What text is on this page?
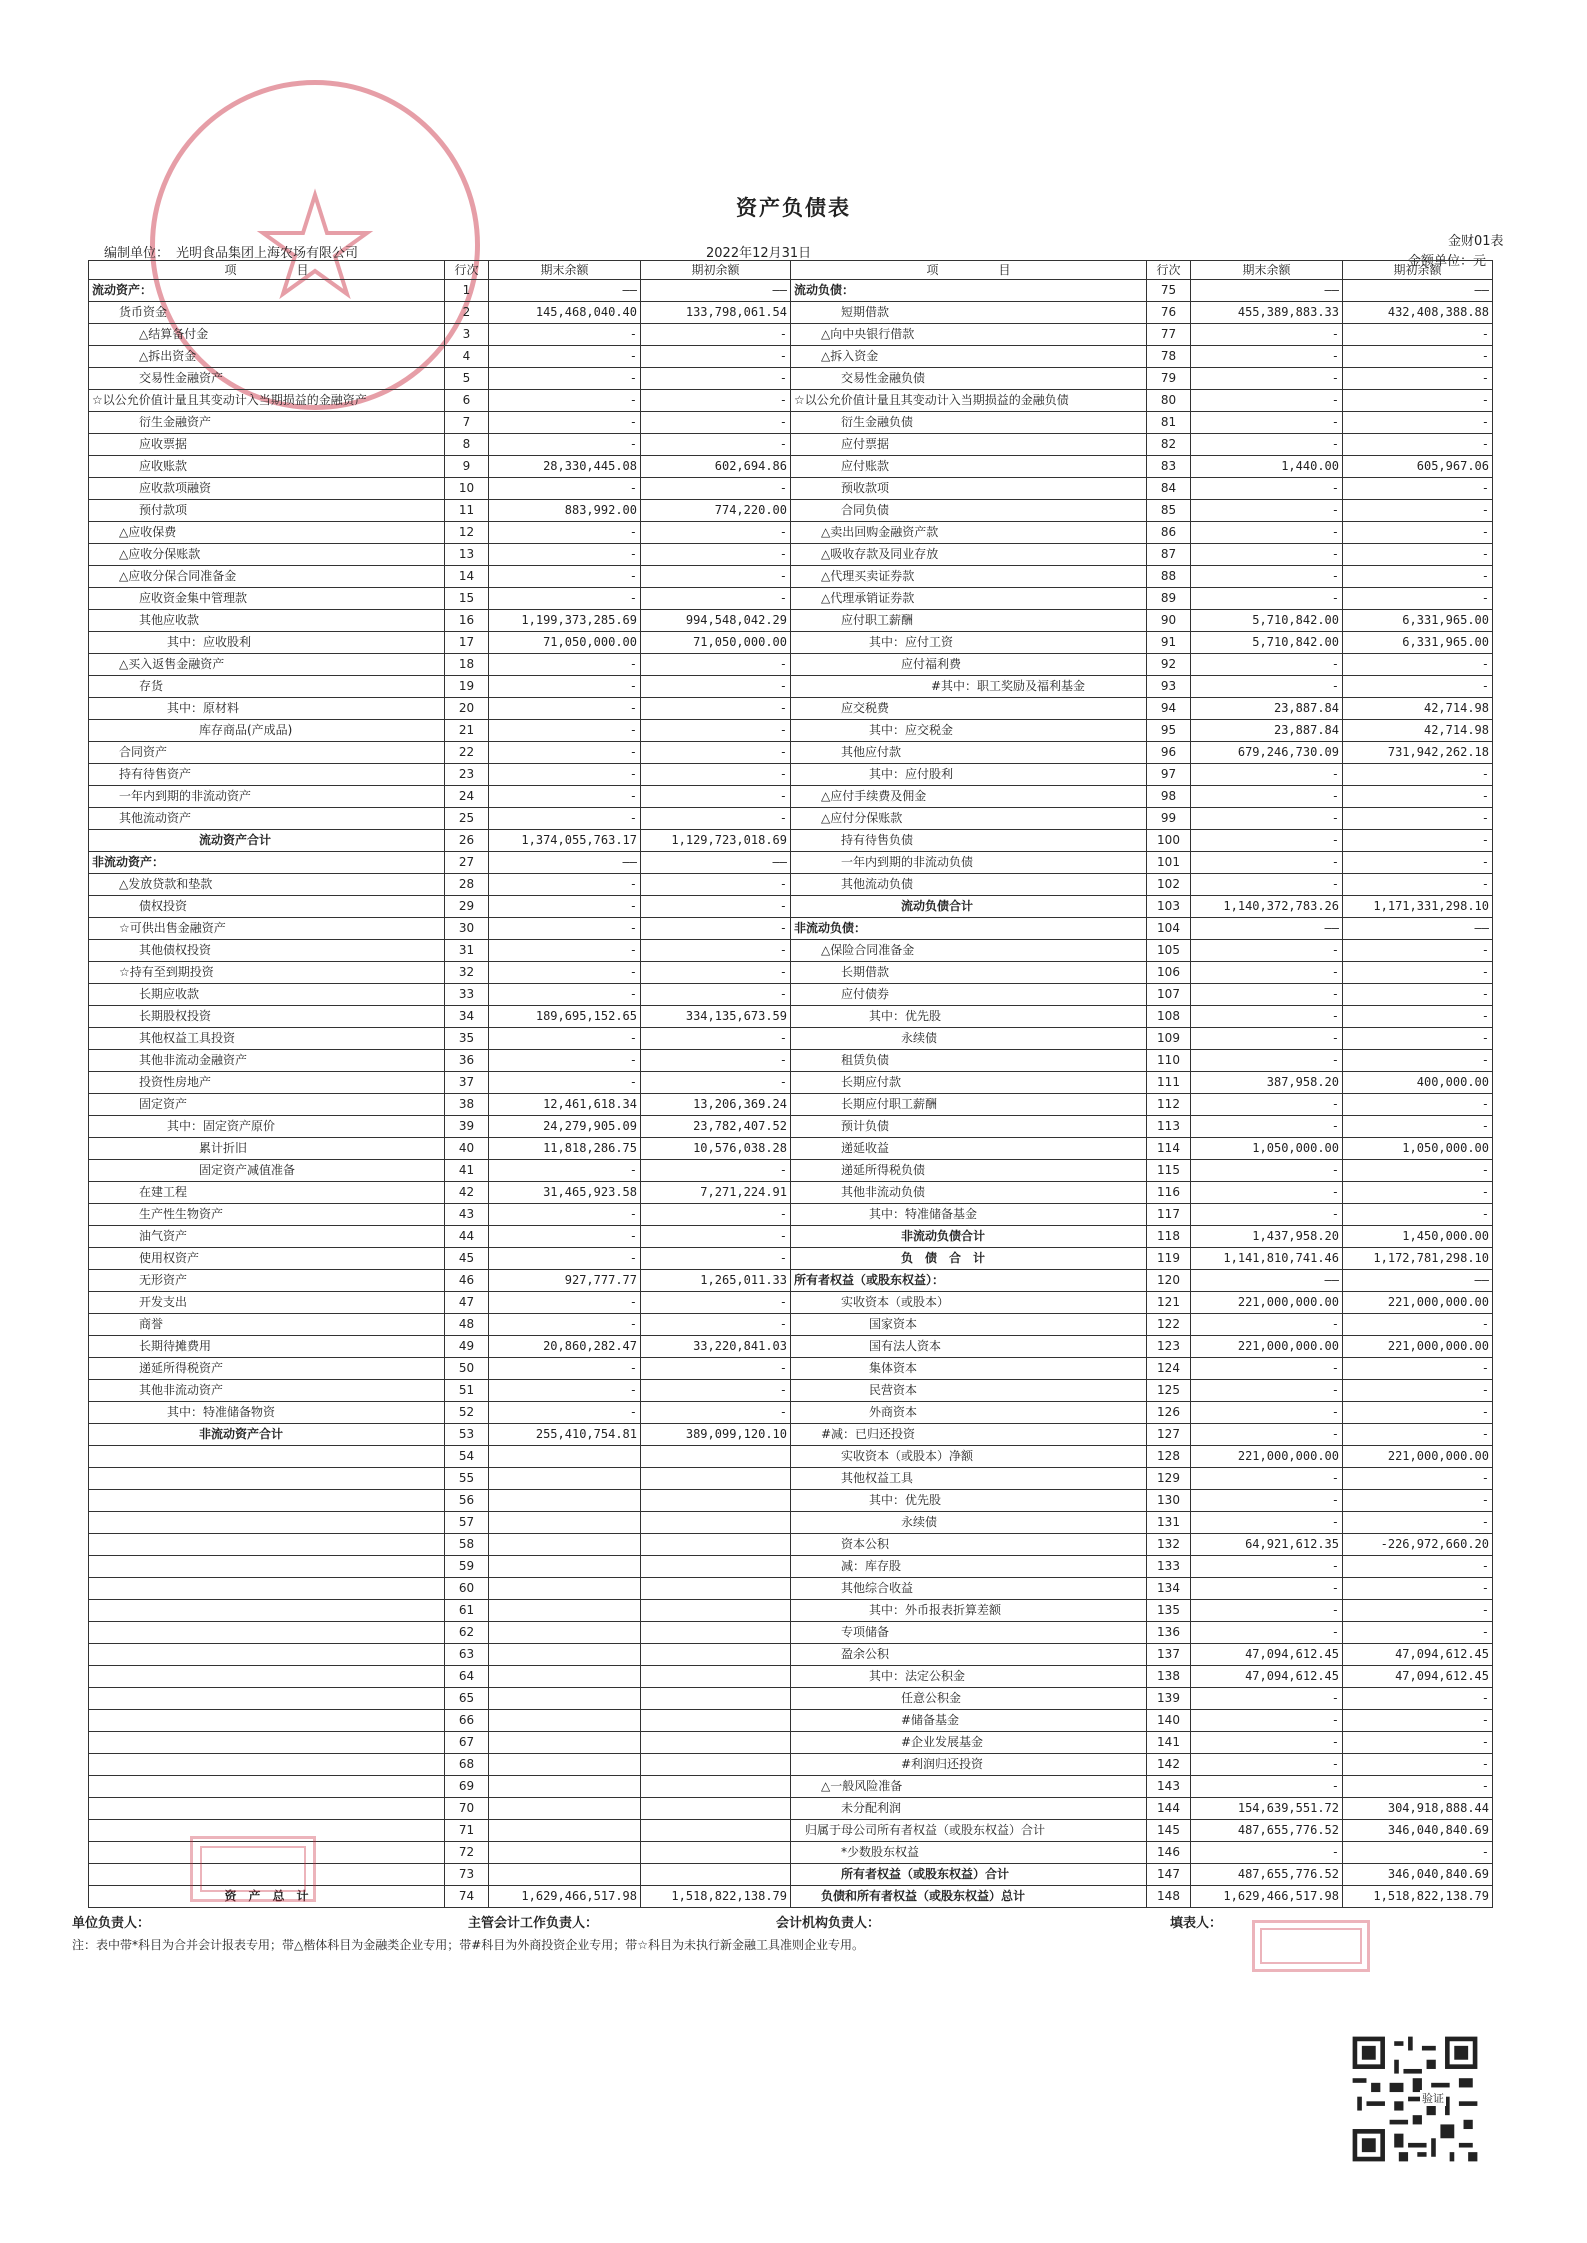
资产负债表
金财01表
编制单位： 光明食品集团上海农场有限公司	2022年12月31日
金额单位：元
项　　　　　目	行次	期末余额	期初余额	项　　　　　目	行次	期末余额	期初余额
流动资产：	1	——	——	流动负债：	75	——	——
货币资金	2	145,468,040.40	133,798,061.54	短期借款	76	455,389,883.33	432,408,388.88
△结算备付金	3	-	-	△向中央银行借款	77	-	-
△拆出资金	4	-	-	△拆入资金	78	-	-
交易性金融资产	5	-	-	交易性金融负债	79	-	-
☆以公允价值计量且其变动计入当期损益的金融资产	6	-	-	☆以公允价值计量且其变动计入当期损益的金融负债	80	-	-
衍生金融资产	7	-	-	衍生金融负债	81	-	-
应收票据	8	-	-	应付票据	82	-	-
应收账款	9	28,330,445.08	602,694.86	应付账款	83	1,440.00	605,967.06
应收款项融资	10	-	-	预收款项	84	-	-
预付款项	11	883,992.00	774,220.00	合同负债	85	-	-
△应收保费	12	-	-	△卖出回购金融资产款	86	-	-
△应收分保账款	13	-	-	△吸收存款及同业存放	87	-	-
△应收分保合同准备金	14	-	-	△代理买卖证券款	88	-	-
应收资金集中管理款	15	-	-	△代理承销证券款	89	-	-
其他应收款	16	1,199,373,285.69	994,548,042.29	应付职工薪酬	90	5,710,842.00	6,331,965.00
其中：应收股利	17	71,050,000.00	71,050,000.00	其中：应付工资	91	5,710,842.00	6,331,965.00
△买入返售金融资产	18	-	-	应付福利费	92	-	-
存货	19	-	-	#其中：职工奖励及福利基金	93	-	-
其中：原材料	20	-	-	应交税费	94	23,887.84	42,714.98
库存商品(产成品)	21	-	-	其中：应交税金	95	23,887.84	42,714.98
合同资产	22	-	-	其他应付款	96	679,246,730.09	731,942,262.18
持有待售资产	23	-	-	其中：应付股利	97	-	-
一年内到期的非流动资产	24	-	-	△应付手续费及佣金	98	-	-
其他流动资产	25	-	-	△应付分保账款	99	-	-
流动资产合计	26	1,374,055,763.17	1,129,723,018.69	持有待售负债	100	-	-
非流动资产：	27	——	——	一年内到期的非流动负债	101	-	-
△发放贷款和垫款	28	-	-	其他流动负债	102	-	-
债权投资	29	-	-	流动负债合计	103	1,140,372,783.26	1,171,331,298.10
☆可供出售金融资产	30	-	-	非流动负债：	104	——	——
其他债权投资	31	-	-	△保险合同准备金	105	-	-
☆持有至到期投资	32	-	-	长期借款	106	-	-
长期应收款	33	-	-	应付债券	107	-	-
长期股权投资	34	189,695,152.65	334,135,673.59	其中：优先股	108	-	-
其他权益工具投资	35	-	-	永续债	109	-	-
其他非流动金融资产	36	-	-	租赁负债	110	-	-
投资性房地产	37	-	-	长期应付款	111	387,958.20	400,000.00
固定资产	38	12,461,618.34	13,206,369.24	长期应付职工薪酬	112	-	-
其中：固定资产原价	39	24,279,905.09	23,782,407.52	预计负债	113	-	-
累计折旧	40	11,818,286.75	10,576,038.28	递延收益	114	1,050,000.00	1,050,000.00
固定资产减值准备	41	-	-	递延所得税负债	115	-	-
在建工程	42	31,465,923.58	7,271,224.91	其他非流动负债	116	-	-
生产性生物资产	43	-	-	其中：特准储备基金	117	-	-
油气资产	44	-	-	非流动负债合计	118	1,437,958.20	1,450,000.00
使用权资产	45	-	-	负　债　合　计	119	1,141,810,741.46	1,172,781,298.10
无形资产	46	927,777.77	1,265,011.33	所有者权益（或股东权益）：	120	——	——
开发支出	47	-	-	实收资本（或股本）	121	221,000,000.00	221,000,000.00
商誉	48	-	-	国家资本	122	-	-
长期待摊费用	49	20,860,282.47	33,220,841.03	国有法人资本	123	221,000,000.00	221,000,000.00
递延所得税资产	50	-	-	集体资本	124	-	-
其他非流动资产	51	-	-	民营资本	125	-	-
其中：特准储备物资	52	-	-	外商资本	126	-	-
非流动资产合计	53	255,410,754.81	389,099,120.10	#减：已归还投资	127	-	-
	54			实收资本（或股本）净额	128	221,000,000.00	221,000,000.00
	55			其他权益工具	129	-	-
	56			其中：优先股	130	-	-
	57			永续债	131	-	-
	58			资本公积	132	64,921,612.35	-226,972,660.20
	59			减：库存股	133	-	-
	60			其他综合收益	134	-	-
	61			其中：外币报表折算差额	135	-	-
	62			专项储备	136	-	-
	63			盈余公积	137	47,094,612.45	47,094,612.45
	64			其中：法定公积金	138	47,094,612.45	47,094,612.45
	65			任意公积金	139	-	-
	66			#储备基金	140	-	-
	67			#企业发展基金	141	-	-
	68			#利润归还投资	142	-	-
	69			△一般风险准备	143	-	-
	70			未分配利润	144	154,639,551.72	304,918,888.44
	71			归属于母公司所有者权益（或股东权益）合计	145	487,655,776.52	346,040,840.69
	72			*少数股东权益	146	-	-
	73			所有者权益（或股东权益）合计	147	487,655,776.52	346,040,840.69
资　产　总　计	74	1,629,466,517.98	1,518,822,138.79	负债和所有者权益（或股东权益）总计	148	1,629,466,517.98	1,518,822,138.79
单位负责人：	主管会计工作负责人：	会计机构负责人：	填表人：
注：表中带*科目为合并会计报表专用；带△楷体科目为金融类企业专用；带#科目为外商投资企业专用；带☆科目为未执行新金融工具准则企业专用。
验证
